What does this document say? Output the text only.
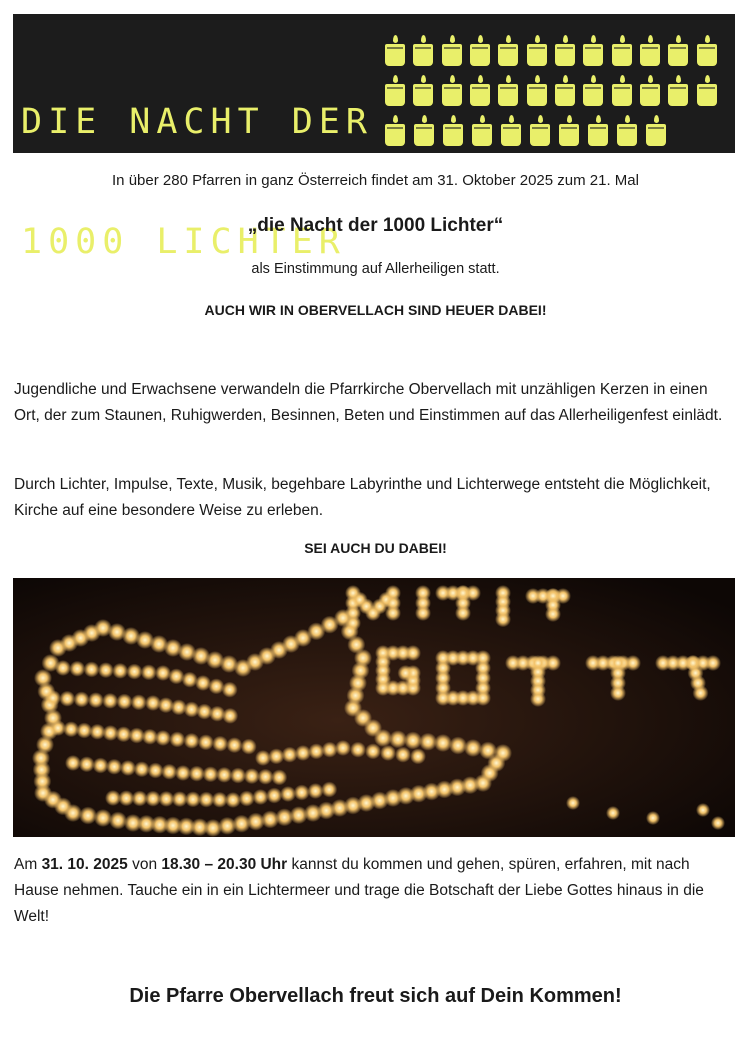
DIE NACHT DER

1000 LICHTER

31.10.2025

In über 280 Pfarren in ganz Österreich findet am 31. Oktober 2025 zum 21. Mal
„die Nacht der 1000 Lichter“
als Einstimmung auf Allerheiligen statt.
AUCH WIR IN OBERVELLACH SIND HEUER DABEI!
Jugendliche und Erwachsene verwandeln die Pfarrkirche Obervellach mit unzähligen Kerzen in einen Ort, der zum Staunen, Ruhigwerden, Besinnen, Beten und Einstimmen auf das Allerheiligenfest einlädt.
Durch Lichter, Impulse, Texte, Musik, begehbare Labyrinthe und Lichterwege entsteht die Möglichkeit, Kirche auf eine besondere Weise zu erleben.
SEI AUCH DU DABEI!
Am 31. 10. 2025 von 18.30 – 20.30 Uhr kannst du kommen und gehen, spüren, erfahren, mit nach Hause nehmen. Tauche ein in ein Lichtermeer und trage die Botschaft der Liebe Gottes hinaus in die Welt!
Die Pfarre Obervellach freut sich auf Dein Kommen!
